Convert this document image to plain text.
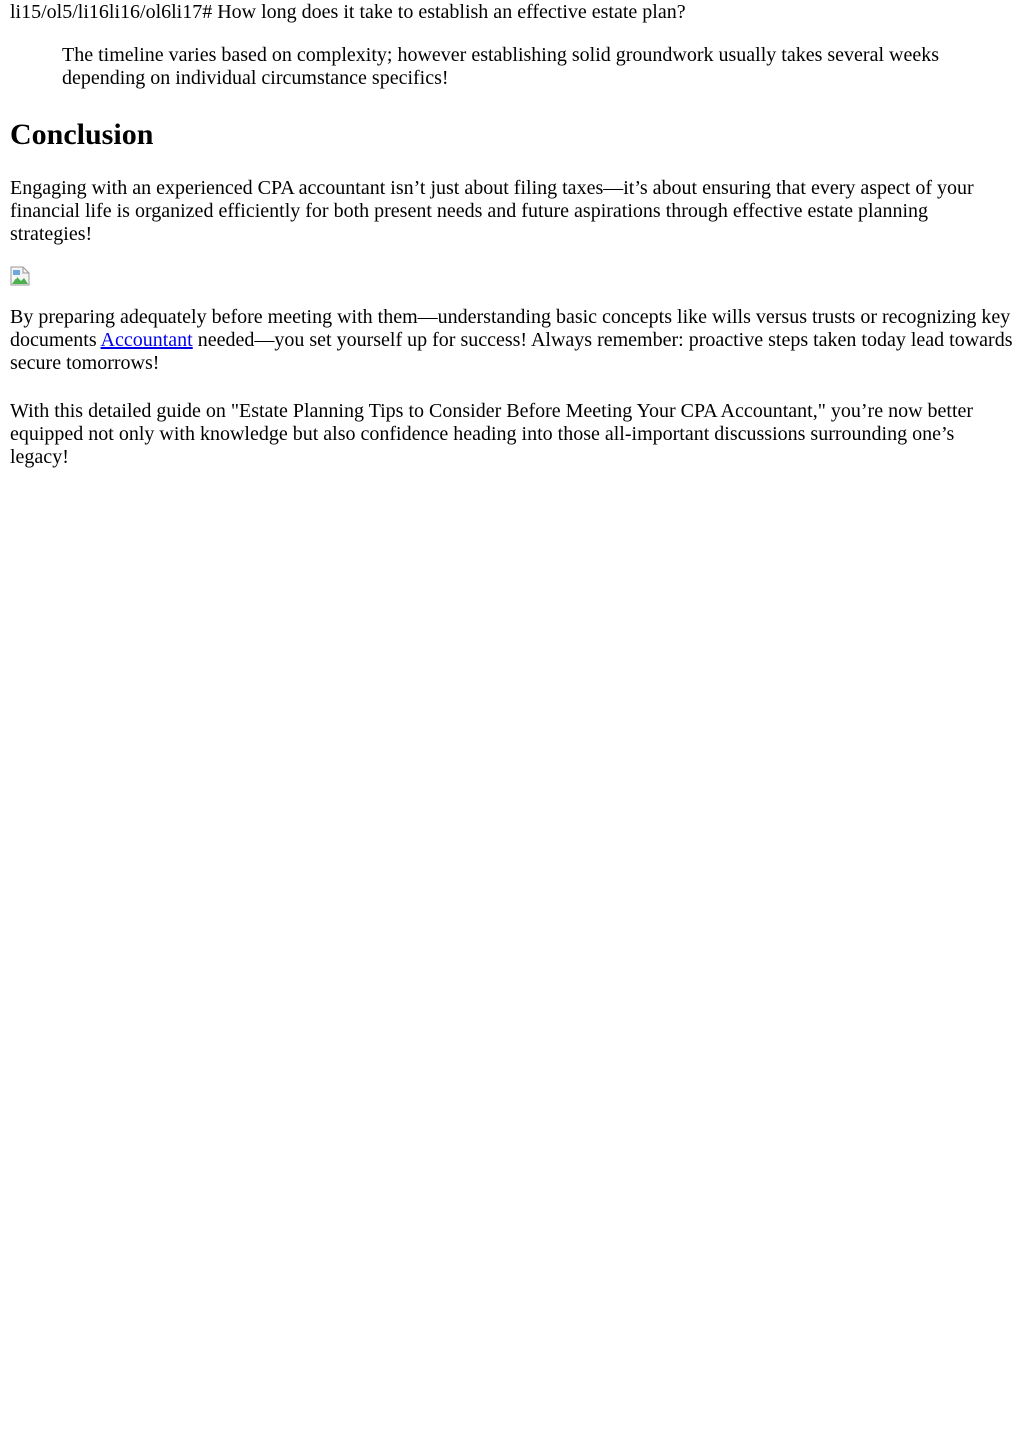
li15/ol5/li16li16/ol6li17# How long does it take to establish an effective estate plan?
The timeline varies based on complexity; however establishing solid groundwork usually takes several weeks depending on individual circumstance specifics!
Conclusion

Engaging with an experienced CPA accountant isn’t just about filing taxes—it’s about ensuring that every aspect of your financial life is organized efficiently for both present needs and future aspirations through effective estate planning strategies!

By preparing adequately before meeting with them—understanding basic concepts like wills versus trusts or recognizing key documents Accountant needed—you set yourself up for success! Always remember: proactive steps taken today lead towards secure tomorrows!

With this detailed guide on "Estate Planning Tips to Consider Before Meeting Your CPA Accountant," you’re now better equipped not only with knowledge but also confidence heading into those all-important discussions surrounding one’s legacy!
